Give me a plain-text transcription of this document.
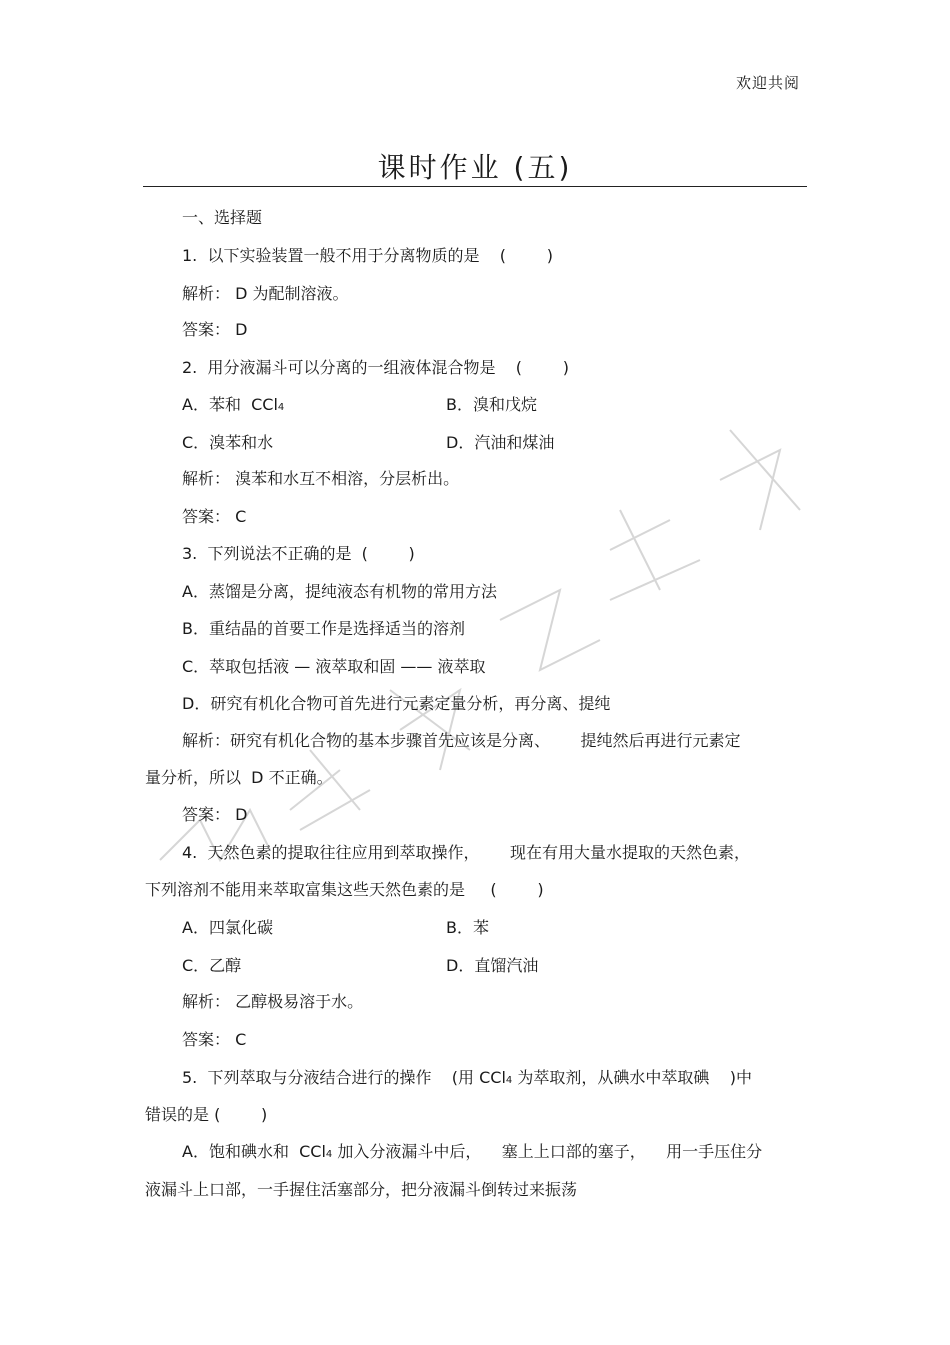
欢迎共阅
课时作业 (五)
一、选择题
1.  以下实验装置一般不用于分离物质的是    (        )
解析： D 为配制溶液。
答案： D
2.  用分液漏斗可以分离的一组液体混合物是    (        )
A．苯和  CCl4	B．溴和戊烷
C．溴苯和水	D．汽油和煤油
解析： 溴苯和水互不相溶，分层析出。
答案： C
3.  下列说法不正确的是  (        )
A．蒸馏是分离，提纯液态有机物的常用方法
B．重结晶的首要工作是选择适当的溶剂
C．萃取包括液 — 液萃取和固 —— 液萃取
D．研究有机化合物可首先进行元素定量分析，再分离、提纯
解析：研究有机化合物的基本步骤首先应该是分离、      提纯然后再进行元素定
量分析，所以  D 不正确。
答案： D
4.  天然色素的提取往往应用到萃取操作，      现在有用大量水提取的天然色素，
下列溶剂不能用来萃取富集这些天然色素的是     (        )
A．四氯化碳	B．苯
C．乙醇	D．直馏汽油
解析： 乙醇极易溶于水。
答案： C
5.  下列萃取与分液结合进行的操作    (用 CCl4 为萃取剂，从碘水中萃取碘    )中
错误的是 (        )
A．饱和碘水和  CCl4 加入分液漏斗中后，    塞上上口部的塞子，    用一手压住分
液漏斗上口部，一手握住活塞部分，把分液漏斗倒转过来振荡
